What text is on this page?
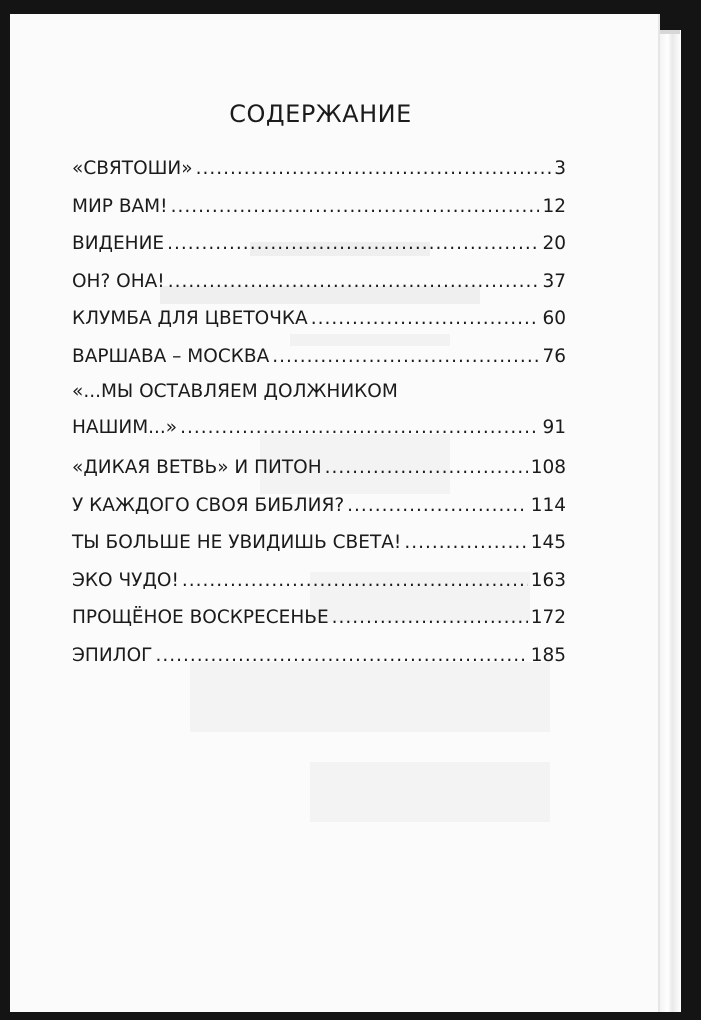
СОДЕРЖАНИЕ
«СВЯТОШИ» .....	3
МИР ВАМ! .....	12
ВИДЕНИЕ .....	20
ОН? ОНА! .....	37
КЛУМБА ДЛЯ ЦВЕТОЧКА .....	60
ВАРШАВА – МОСКВА .....	76
«...МЫ ОСТАВЛЯЕМ ДОЛЖНИКОМ
НАШИМ...» .....	91
«ДИКАЯ ВЕТВЬ» И ПИТОН .....	108
У КАЖДОГО СВОЯ БИБЛИЯ? .....	114
ТЫ БОЛЬШЕ НЕ УВИДИШЬ СВЕТА! .....	145
ЭКО ЧУДО! .....	163
ПРОЩЁНОЕ ВОСКРЕСЕНЬЕ .....	172
ЭПИЛОГ .....	185
